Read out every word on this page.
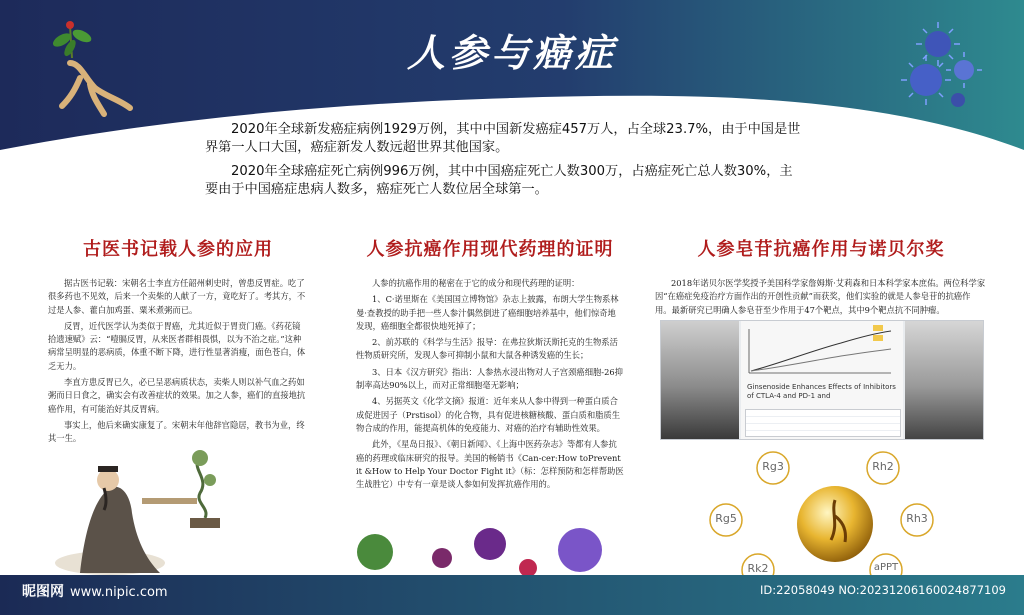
人参与癌症

2020年全球新发癌症病例1929万例，其中中国新发癌症457万人，占全球23.7%，由于中国是世界第一人口大国，癌症新发人数远超世界其他国家。

2020年全球癌症死亡病例996万例，其中中国癌症死亡人数300万，占癌症死亡总人数30%，主要由于中国癌症患病人数多，癌症死亡人数位居全球第一。

古医书记载人参的应用

据古医书记载：宋朝名士李直方任韶州刺史时，曾患反胃症。吃了很多药也不见效，后来一个卖柴的人献了一方，竟吃好了。考其方，不过是人参、藿白加鸡蛋、粟米煮粥而已。

反胃，近代医学认为类似于胃癌，尤其近似于胃贲门癌。《药花镜拾遗速赋》云：“噎膈反胃，从来医者群相畏惧，以为不治之症。”这种病常呈明显的恶病质，体重不断下降，进行性显著消瘦，面色苍白，体乏无力。

李直方患反胃已久，必已呈恶病质状态，卖柴人则以补气血之药如粥而日日食之，确实会有改善症状的效果。加之人参，癌们的直接地抗癌作用，有可能治好其反胃病。

事实上，他后来确实康复了。宋朝末年他辞官隐居，教书为业，终其一生。

人参抗癌作用现代药理的证明

人参的抗癌作用的秘密在于它的成分和现代药理的证明：

1、C·诺里斯在《美国国立博物馆》杂志上披露，布朗大学生物系林曼·查教授的助手把一些人参汁偶然倒进了癌细胞培养基中，他们惊奇地发现，癌细胞全都很快地死掉了；

2、前苏联的《科学与生活》报导：在弗拉狄斯沃斯托克的生物系活性物质研究所，发现人参可抑制小鼠和大鼠各种诱发癌的生长；

3、日本《汉方研究》指出：人参热水浸出物对人子宫颈癌细胞-26抑制率高达90%以上，而对正常细胞毫无影响；

4、另据英文《化学文摘》报道：近年来从人参中得到一种蛋白质合成促进因子（Prstisol）的化合物，具有促进核糖核酸、蛋白质和脂质生物合成的作用，能提高机体的免疫能力、对癌的治疗有辅助性效果。

此外，《星岛日报》、《朝日新闻》、《上海中医药杂志》等都有人参抗癌的药理或临床研究的报导。美国的畅销书《Can-cer:How toPrevent it &How to Help Your Doctor Fight it》（标：怎样预防和怎样帮助医生战胜它）中专有一章是谈人参如何发挥抗癌作用的。

人参皂苷抗癌作用与诺贝尔奖

2018年诺贝尔医学奖授予美国科学家詹姆斯·艾莉森和日本科学家本庶佑。两位科学家因“在癌症免疫治疗方面作出的开创性贡献”而获奖，他们实验的就是人参皂苷的抗癌作用。最新研究已明确人参皂苷至少作用于47个靶点，其中9个靶点抗不同肿瘤。

Ginsenoside Enhances Effects of Inhibitors of CTLA-4 and PD-1 and
Rg3	Rh2
Rg5	Rh3
Rk2	aPPT
昵图网 www.nipic.com	ID:22058049 NO:20231206160024877109
